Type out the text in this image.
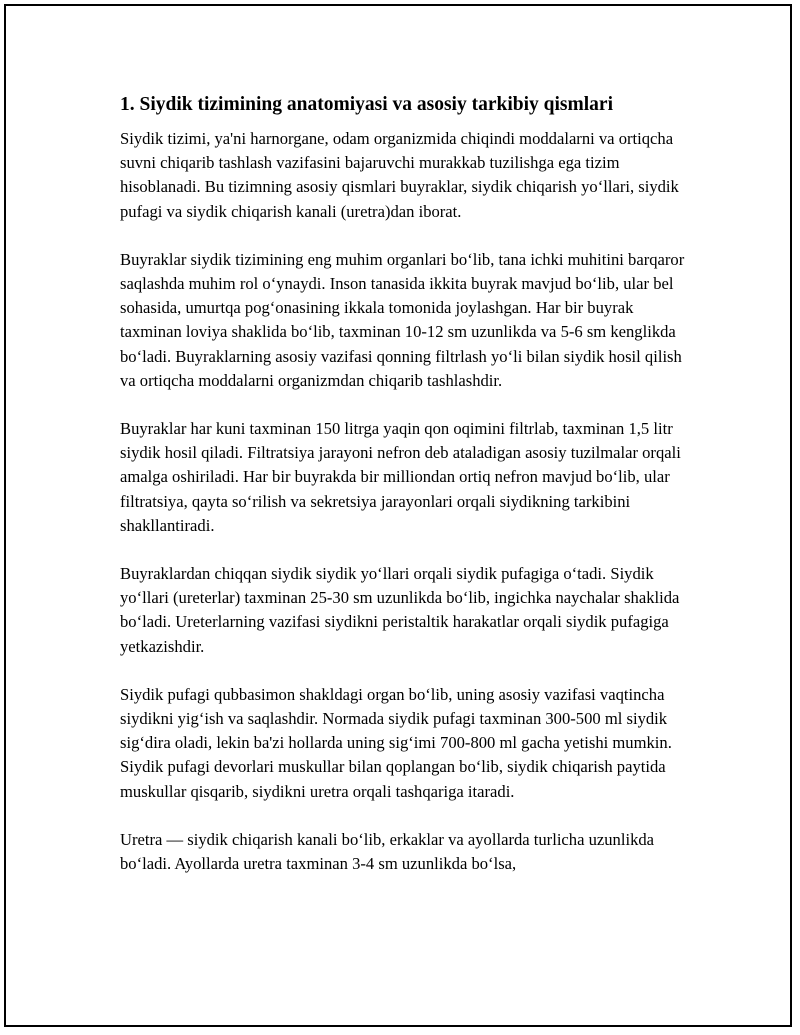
1. Siydik tizimining anatomiyasi va asosiy tarkibiy qismlari

Siydik tizimi, ya'ni harnorgane, odam organizmida chiqindi moddalarni va ortiqcha suvni chiqarib tashlash vazifasini bajaruvchi murakkab tuzilishga ega tizim hisoblanadi. Bu tizimning asosiy qismlari buyraklar, siydik chiqarish yo‘llari, siydik pufagi va siydik chiqarish kanali (uretra)dan iborat.

Buyraklar siydik tizimining eng muhim organlari bo‘lib, tana ichki muhitini barqaror saqlashda muhim rol o‘ynaydi. Inson tanasida ikkita buyrak mavjud bo‘lib, ular bel sohasida, umurtqa pog‘onasining ikkala tomonida joylashgan. Har bir buyrak taxminan loviya shaklida bo‘lib, taxminan 10-12 sm uzunlikda va 5-6 sm kenglikda bo‘ladi. Buyraklarning asosiy vazifasi qonning filtrlash yo‘li bilan siydik hosil qilish va ortiqcha moddalarni organizmdan chiqarib tashlashdir.

Buyraklar har kuni taxminan 150 litrga yaqin qon oqimini filtrlab, taxminan 1,5 litr siydik hosil qiladi. Filtratsiya jarayoni nefron deb ataladigan asosiy tuzilmalar orqali amalga oshiriladi. Har bir buyrakda bir milliondan ortiq nefron mavjud bo‘lib, ular filtratsiya, qayta so‘rilish va sekretsiya jarayonlari orqali siydikning tarkibini shakllantiradi.

Buyraklardan chiqqan siydik siydik yo‘llari orqali siydik pufagiga o‘tadi. Siydik yo‘llari (ureterlar) taxminan 25-30 sm uzunlikda bo‘lib, ingichka naychalar shaklida bo‘ladi. Ureterlarning vazifasi siydikni peristaltik harakatlar orqali siydik pufagiga yetkazishdir.

Siydik pufagi qubbasimon shakldagi organ bo‘lib, uning asosiy vazifasi vaqtincha siydikni yig‘ish va saqlashdir. Normada siydik pufagi taxminan 300-500 ml siydik sig‘dira oladi, lekin ba'zi hollarda uning sig‘imi 700-800 ml gacha yetishi mumkin. Siydik pufagi devorlari muskullar bilan qoplangan bo‘lib, siydik chiqarish paytida muskullar qisqarib, siydikni uretra orqali tashqariga itaradi.

Uretra — siydik chiqarish kanali bo‘lib, erkaklar va ayollarda turlicha uzunlikda bo‘ladi. Ayollarda uretra taxminan 3-4 sm uzunlikda bo‘lsa,
